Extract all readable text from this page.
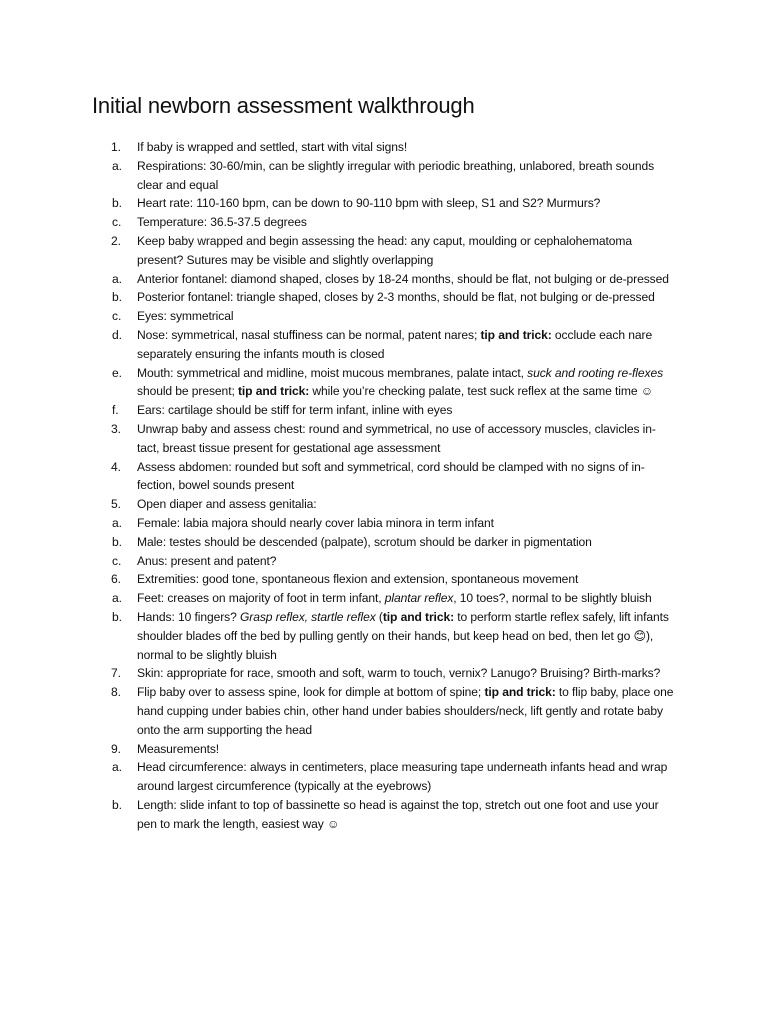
Initial newborn assessment walkthrough
1. If baby is wrapped and settled, start with vital signs!
a. Respirations: 30-60/min, can be slightly irregular with periodic breathing, unlabored, breath sounds clear and equal
b. Heart rate: 110-160 bpm, can be down to 90-110 bpm with sleep, S1 and S2? Murmurs?
c. Temperature: 36.5-37.5 degrees
2. Keep baby wrapped and begin assessing the head: any caput, moulding or cephalohematoma present? Sutures may be visible and slightly overlapping
a. Anterior fontanel: diamond shaped, closes by 18-24 months, should be flat, not bulging or de-pressed
b. Posterior fontanel: triangle shaped, closes by 2-3 months, should be flat, not bulging or de-pressed
c. Eyes: symmetrical
d. Nose: symmetrical, nasal stuffiness can be normal, patent nares; tip and trick: occlude each nare separately ensuring the infants mouth is closed
e. Mouth: symmetrical and midline, moist mucous membranes, palate intact, suck and rooting re-flexes should be present; tip and trick: while you’re checking palate, test suck reflex at the same time ☺
f. Ears: cartilage should be stiff for term infant, inline with eyes
3. Unwrap baby and assess chest: round and symmetrical, no use of accessory muscles, clavicles in-tact, breast tissue present for gestational age assessment
4. Assess abdomen: rounded but soft and symmetrical, cord should be clamped with no signs of in-fection, bowel sounds present
5. Open diaper and assess genitalia:
a. Female: labia majora should nearly cover labia minora in term infant
b. Male: testes should be descended (palpate), scrotum should be darker in pigmentation
c. Anus: present and patent?
6. Extremities: good tone, spontaneous flexion and extension, spontaneous movement
a. Feet: creases on majority of foot in term infant, plantar reflex, 10 toes?, normal to be slightly bluish
b. Hands: 10 fingers? Grasp reflex, startle reflex (tip and trick: to perform startle reflex safely, lift infants shoulder blades off the bed by pulling gently on their hands, but keep head on bed, then let go 😊), normal to be slightly bluish
7. Skin: appropriate for race, smooth and soft, warm to touch, vernix? Lanugo? Bruising? Birth-marks?
8. Flip baby over to assess spine, look for dimple at bottom of spine; tip and trick: to flip baby, place one hand cupping under babies chin, other hand under babies shoulders/neck, lift gently and rotate baby onto the arm supporting the head
9. Measurements!
a. Head circumference: always in centimeters, place measuring tape underneath infants head and wrap around largest circumference (typically at the eyebrows)
b. Length: slide infant to top of bassinette so head is against the top, stretch out one foot and use your pen to mark the length, easiest way ☺
